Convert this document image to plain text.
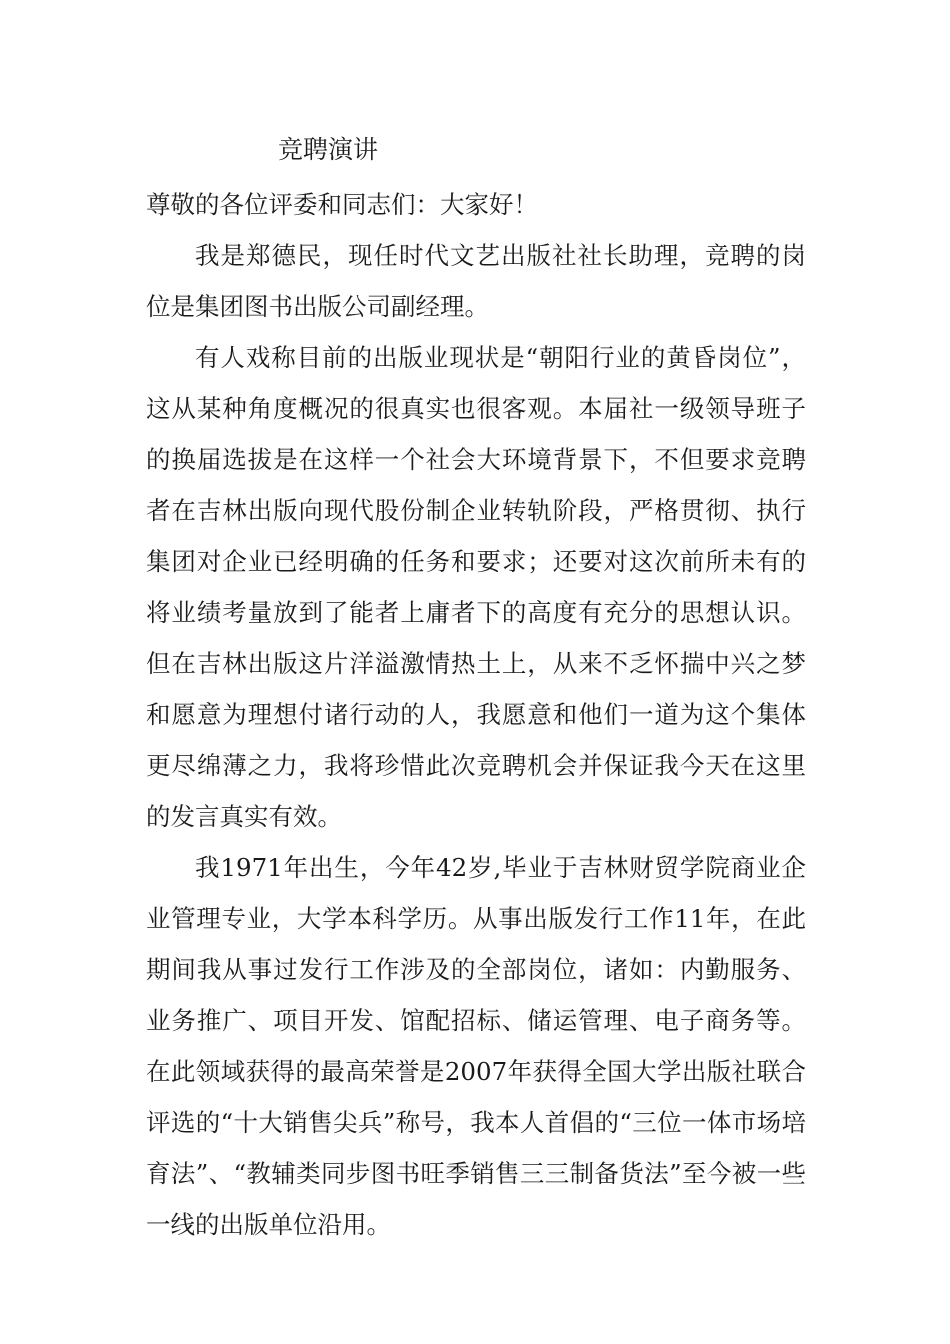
竞聘演讲

尊敬的各位评委和同志们：大家好！

我是郑德民，现任时代文艺出版社社长助理，竞聘的岗位是集团图书出版公司副经理。

有人戏称目前的出版业现状是“朝阳行业的黄昏岗位”，这从某种角度概况的很真实也很客观。本届社一级领导班子的换届选拔是在这样一个社会大环境背景下，不但要求竞聘者在吉林出版向现代股份制企业转轨阶段，严格贯彻、执行集团对企业已经明确的任务和要求；还要对这次前所未有的将业绩考量放到了能者上庸者下的高度有充分的思想认识。但在吉林出版这片洋溢激情热土上，从来不乏怀揣中兴之梦和愿意为理想付诸行动的人，我愿意和他们一道为这个集体更尽绵薄之力，我将珍惜此次竞聘机会并保证我今天在这里的发言真实有效。

我1971年出生，今年42岁,毕业于吉林财贸学院商业企业管理专业，大学本科学历。从事出版发行工作11年，在此期间我从事过发行工作涉及的全部岗位，诸如：内勤服务、业务推广、项目开发、馆配招标、储运管理、电子商务等。在此领域获得的最高荣誉是2007年获得全国大学出版社联合评选的“十大销售尖兵”称号，我本人首倡的“三位一体市场培育法”、“教辅类同步图书旺季销售三三制备货法”至今被一些一线的出版单位沿用。
